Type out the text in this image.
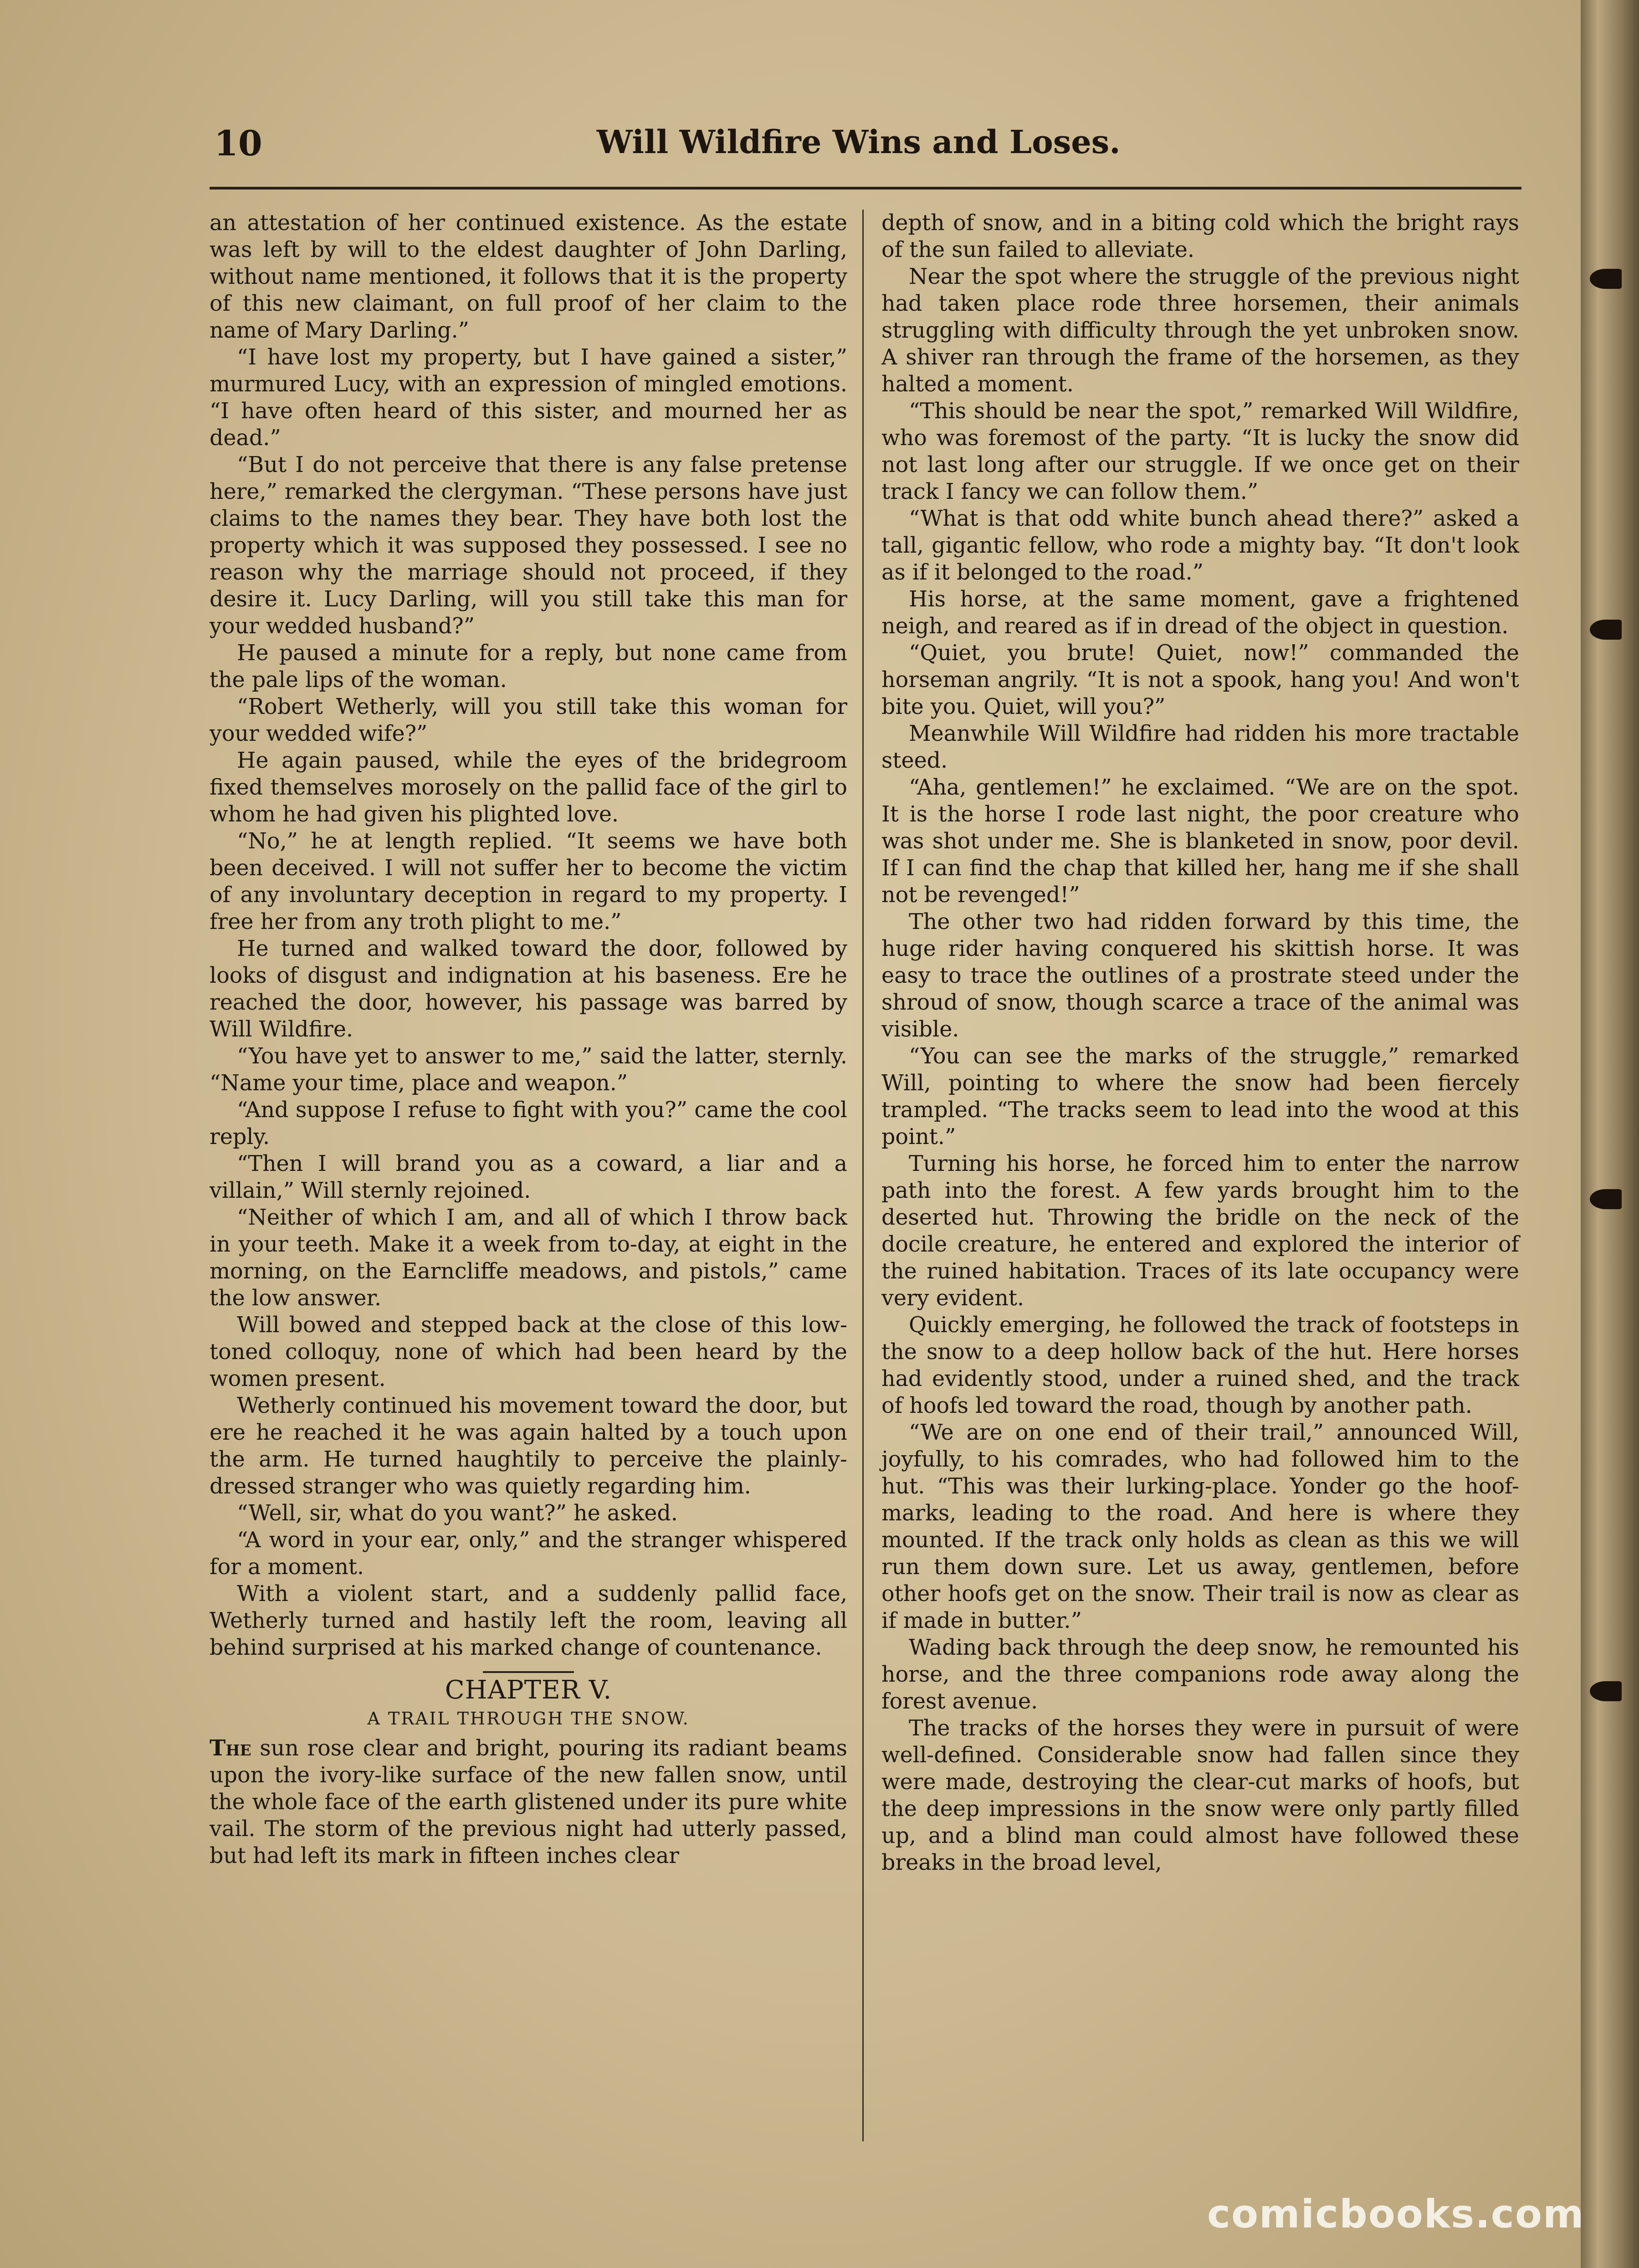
10	Will Wildfire Wins and Loses.

an attestation of her continued existence. As the estate was left by will to the eldest daughter of John Darling, without name mentioned, it follows that it is the property of this new claimant, on full proof of her claim to the name of Mary Darling.”

“I have lost my property, but I have gained a sister,” murmured Lucy, with an expression of mingled emotions. “I have often heard of this sister, and mourned her as dead.”

“But I do not perceive that there is any false pretense here,” remarked the clergyman. “These persons have just claims to the names they bear. They have both lost the property which it was supposed they possessed. I see no reason why the marriage should not proceed, if they desire it. Lucy Darling, will you still take this man for your wedded husband?”

He paused a minute for a reply, but none came from the pale lips of the woman.

“Robert Wetherly, will you still take this woman for your wedded wife?”

He again paused, while the eyes of the bridegroom fixed themselves morosely on the pallid face of the girl to whom he had given his plighted love.

“No,” he at length replied. “It seems we have both been deceived. I will not suffer her to become the victim of any involuntary deception in regard to my property. I free her from any troth plight to me.”

He turned and walked toward the door, followed by looks of disgust and indignation at his baseness. Ere he reached the door, however, his passage was barred by Will Wildfire.

“You have yet to answer to me,” said the latter, sternly. “Name your time, place and weapon.”

“And suppose I refuse to fight with you?” came the cool reply.

“Then I will brand you as a coward, a liar and a villain,” Will sternly rejoined.

“Neither of which I am, and all of which I throw back in your teeth. Make it a week from to-day, at eight in the morning, on the Earncliffe meadows, and pistols,” came the low answer.

Will bowed and stepped back at the close of this low-toned colloquy, none of which had been heard by the women present.

Wetherly continued his movement toward the door, but ere he reached it he was again halted by a touch upon the arm. He turned haughtily to perceive the plainly-dressed stranger who was quietly regarding him.

“Well, sir, what do you want?” he asked.

“A word in your ear, only,” and the stranger whispered for a moment.

With a violent start, and a suddenly pallid face, Wetherly turned and hastily left the room, leaving all behind surprised at his marked change of countenance.

CHAPTER V.
A TRAIL THROUGH THE SNOW.

The sun rose clear and bright, pouring its radiant beams upon the ivory-like surface of the new fallen snow, until the whole face of the earth glistened under its pure white vail. The storm of the previous night had utterly passed, but had left its mark in fifteen inches clear

depth of snow, and in a biting cold which the bright rays of the sun failed to alleviate.

Near the spot where the struggle of the previous night had taken place rode three horsemen, their animals struggling with difficulty through the yet unbroken snow. A shiver ran through the frame of the horsemen, as they halted a moment.

“This should be near the spot,” remarked Will Wildfire, who was foremost of the party. “It is lucky the snow did not last long after our struggle. If we once get on their track I fancy we can follow them.”

“What is that odd white bunch ahead there?” asked a tall, gigantic fellow, who rode a mighty bay. “It don't look as if it belonged to the road.”

His horse, at the same moment, gave a frightened neigh, and reared as if in dread of the object in question.

“Quiet, you brute! Quiet, now!” commanded the horseman angrily. “It is not a spook, hang you! And won't bite you. Quiet, will you?”

Meanwhile Will Wildfire had ridden his more tractable steed.

“Aha, gentlemen!” he exclaimed. “We are on the spot. It is the horse I rode last night, the poor creature who was shot under me. She is blanketed in snow, poor devil. If I can find the chap that killed her, hang me if she shall not be revenged!”

The other two had ridden forward by this time, the huge rider having conquered his skittish horse. It was easy to trace the outlines of a prostrate steed under the shroud of snow, though scarce a trace of the animal was visible.

“You can see the marks of the struggle,” remarked Will, pointing to where the snow had been fiercely trampled. “The tracks seem to lead into the wood at this point.”

Turning his horse, he forced him to enter the narrow path into the forest. A few yards brought him to the deserted hut. Throwing the bridle on the neck of the docile creature, he entered and explored the interior of the ruined habitation. Traces of its late occupancy were very evident.

Quickly emerging, he followed the track of footsteps in the snow to a deep hollow back of the hut. Here horses had evidently stood, under a ruined shed, and the track of hoofs led toward the road, though by another path.

“We are on one end of their trail,” announced Will, joyfully, to his comrades, who had followed him to the hut. “This was their lurking-place. Yonder go the hoof-marks, leading to the road. And here is where they mounted. If the track only holds as clean as this we will run them down sure. Let us away, gentlemen, before other hoofs get on the snow. Their trail is now as clear as if made in butter.”

Wading back through the deep snow, he remounted his horse, and the three companions rode away along the forest avenue.

The tracks of the horses they were in pursuit of were well-defined. Considerable snow had fallen since they were made, destroying the clear-cut marks of hoofs, but the deep impressions in the snow were only partly filled up, and a blind man could almost have followed these breaks in the broad level,

comicbooks.com
